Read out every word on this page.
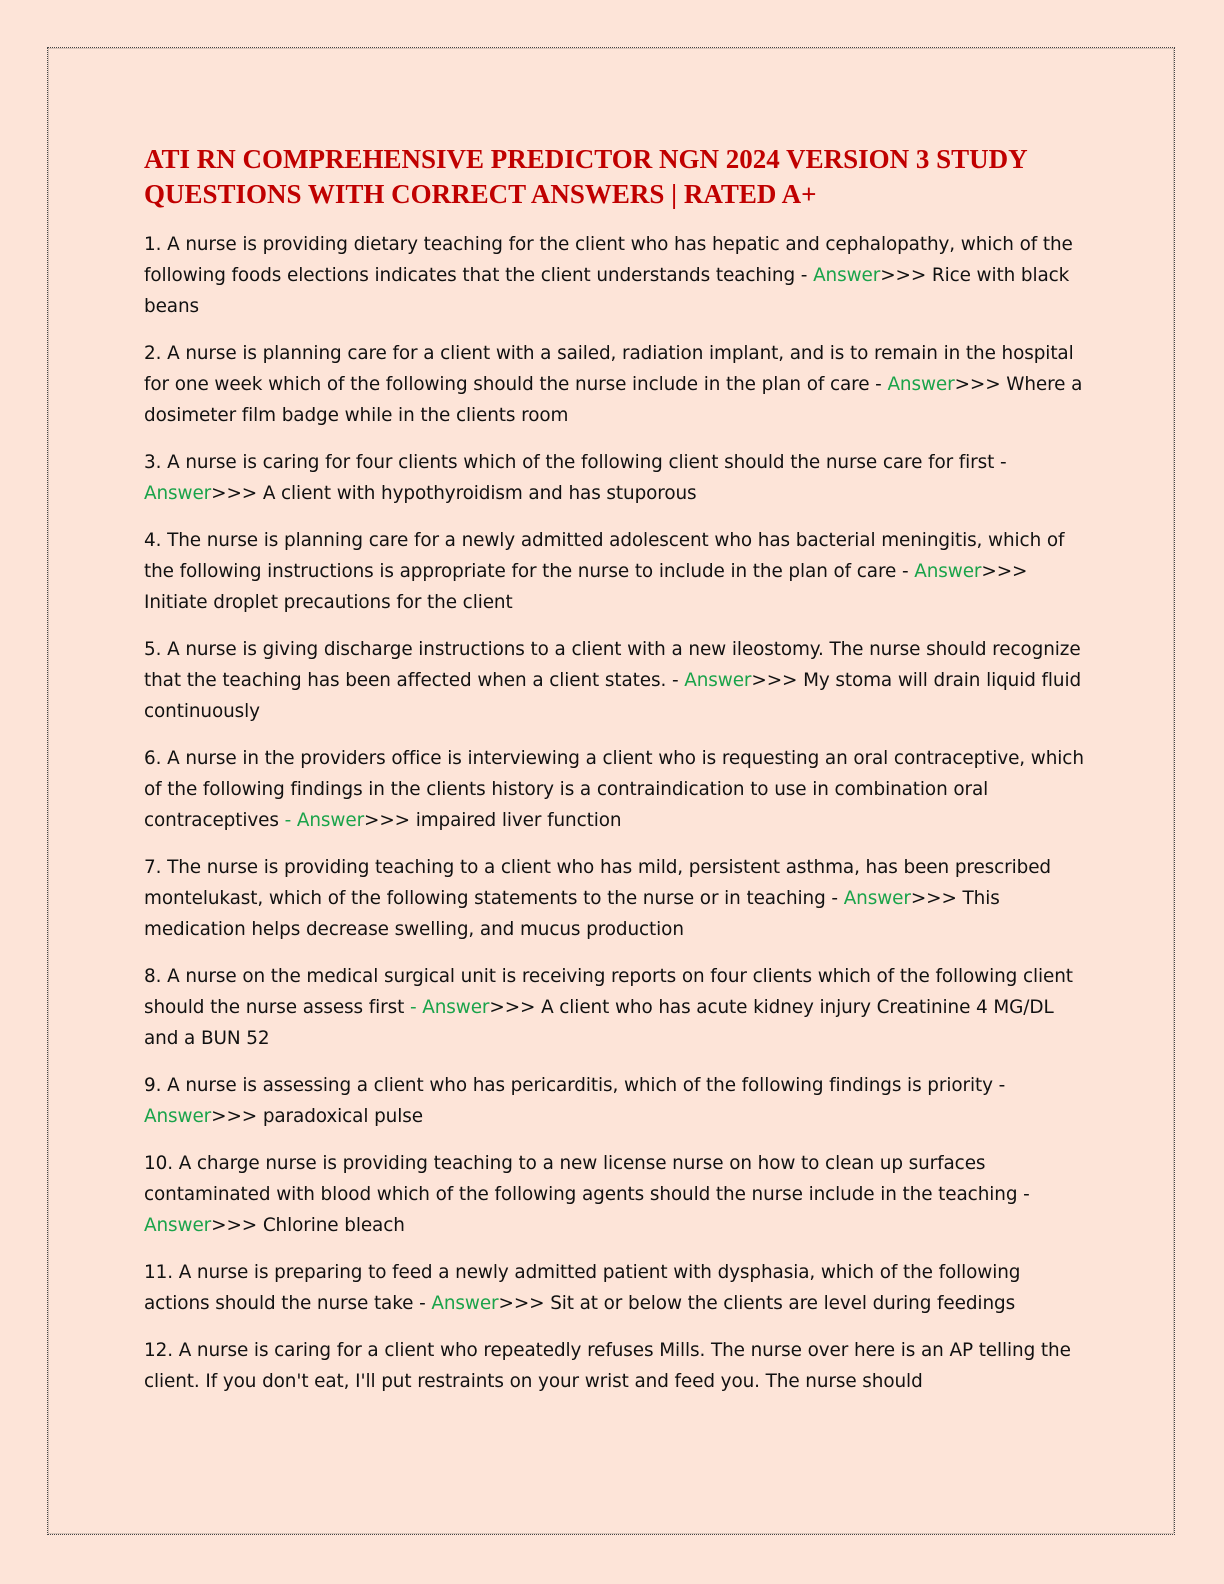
ATI RN COMPREHENSIVE PREDICTOR NGN 2024 VERSION 3 STUDY QUESTIONS WITH CORRECT ANSWERS | RATED A+

1. A nurse is providing dietary teaching for the client who has hepatic and cephalopathy, which of the following foods elections indicates that the client understands teaching - Answer>>> Rice with black beans

2. A nurse is planning care for a client with a sailed, radiation implant, and is to remain in the hospital for one week which of the following should the nurse include in the plan of care - Answer>>> Where a dosimeter film badge while in the clients room

3. A nurse is caring for four clients which of the following client should the nurse care for first - Answer>>> A client with hypothyroidism and has stuporous

4. The nurse is planning care for a newly admitted adolescent who has bacterial meningitis, which of the following instructions is appropriate for the nurse to include in the plan of care - Answer>>> Initiate droplet precautions for the client

5. A nurse is giving discharge instructions to a client with a new ileostomy. The nurse should recognize that the teaching has been affected when a client states. - Answer>>> My stoma will drain liquid fluid continuously

6. A nurse in the providers office is interviewing a client who is requesting an oral contraceptive, which of the following findings in the clients history is a contraindication to use in combination oral contraceptives - Answer>>> impaired liver function

7. The nurse is providing teaching to a client who has mild, persistent asthma, has been prescribed montelukast, which of the following statements to the nurse or in teaching - Answer>>> This medication helps decrease swelling, and mucus production

8. A nurse on the medical surgical unit is receiving reports on four clients which of the following client should the nurse assess first - Answer>>> A client who has acute kidney injury Creatinine 4 MG/DL and a BUN 52

9. A nurse is assessing a client who has pericarditis, which of the following findings is priority - Answer>>> paradoxical pulse

10. A charge nurse is providing teaching to a new license nurse on how to clean up surfaces contaminated with blood which of the following agents should the nurse include in the teaching - Answer>>> Chlorine bleach

11. A nurse is preparing to feed a newly admitted patient with dysphasia, which of the following actions should the nurse take - Answer>>> Sit at or below the clients are level during feedings

12. A nurse is caring for a client who repeatedly refuses Mills. The nurse over here is an AP telling the client. If you don't eat, I'll put restraints on your wrist and feed you. The nurse should
